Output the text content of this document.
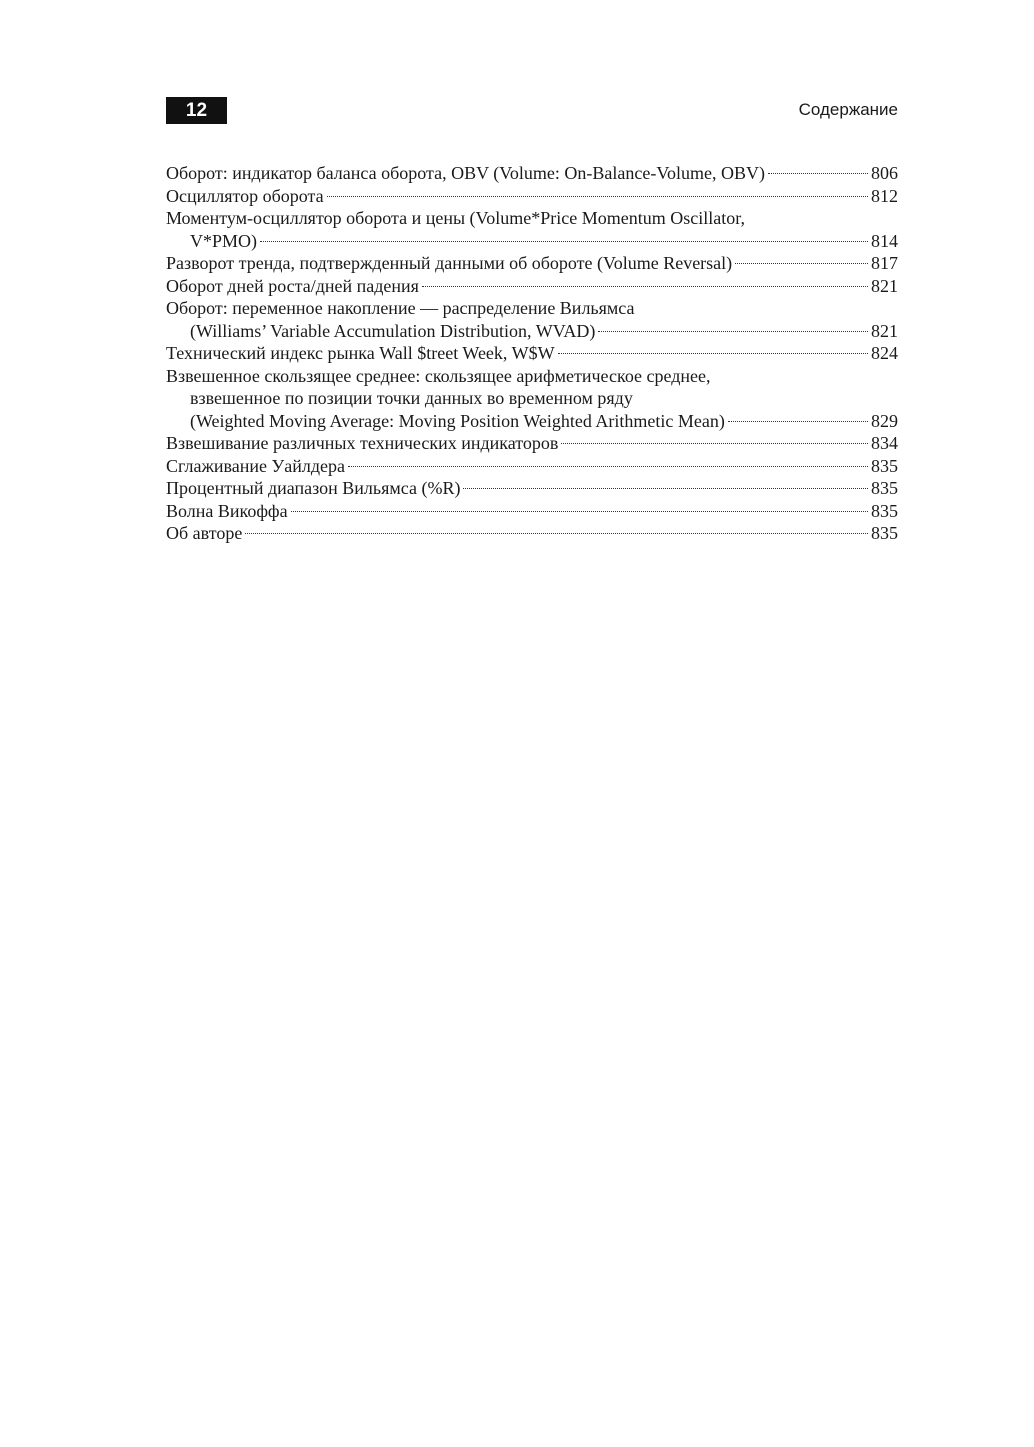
12	Содержание
Оборот: индикатор баланса оборота, OBV (Volume: On-Balance-Volume, OBV)	806
Осциллятор оборота	812
Моментум-осциллятор оборота и цены (Volume*Price Momentum Oscillator,
V*PMO)	814
Разворот тренда, подтвержденный данными об обороте (Volume Reversal)	817
Оборот дней роста/дней падения	821
Оборот: переменное накопление — распределение Вильямса
(Williams’ Variable Accumulation Distribution, WVAD)	821
Технический индекс рынка Wall $treet Week, W$W	824
Взвешенное скользящее среднее: скользящее арифметическое среднее,
взвешенное по позиции точки данных во временном ряду
(Weighted Moving Average: Moving Position Weighted Arithmetic Mean)	829
Взвешивание различных технических индикаторов	834
Сглаживание Уайлдера	835
Процентный диапазон Вильямса (%R)	835
Волна Викоффа	835
Об авторе	835
